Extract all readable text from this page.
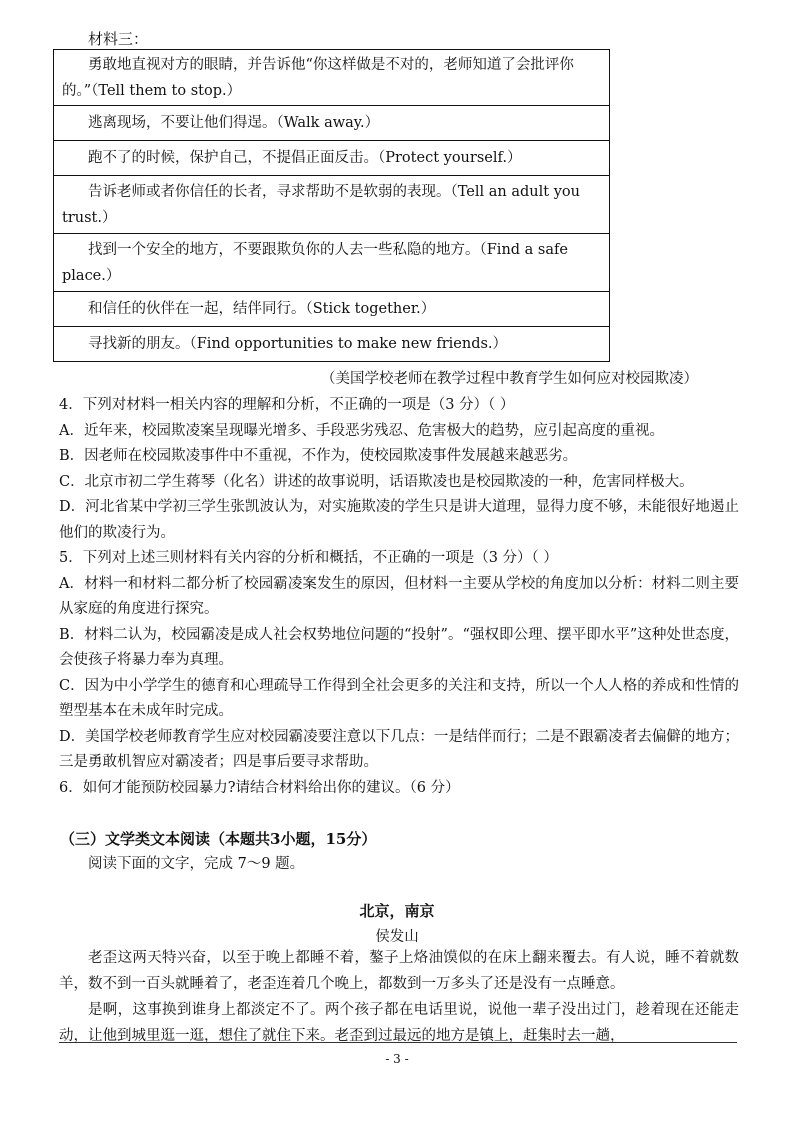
材料三：
勇敢地直视对方的眼睛，并告诉他“你这样做是不对的，老师知道了会批评你的。”（Tell them to stop.）
逃离现场，不要让他们得逞。（Walk away.）
跑不了的时候，保护自己，不提倡正面反击。（Protect yourself.）
告诉老师或者你信任的长者，寻求帮助不是软弱的表现。（Tell an adult you trust.）
找到一个安全的地方，不要跟欺负你的人去一些私隐的地方。（Find a safe place.）
和信任的伙伴在一起，结伴同行。（Stick together.）
寻找新的朋友。（Find opportunities to make new friends.）
（美国学校老师在教学过程中教育学生如何应对校园欺凌）

4．下列对材料一相关内容的理解和分析，不正确的一项是（3 分）（ ）

A．近年来，校园欺凌案呈现曝光增多、手段恶劣残忍、危害极大的趋势，应引起高度的重视。

B．因老师在校园欺凌事件中不重视，不作为，使校园欺凌事件发展越来越恶劣。

C．北京市初二学生蒋琴（化名）讲述的故事说明，话语欺凌也是校园欺凌的一种，危害同样极大。

D．河北省某中学初三学生张凯波认为，对实施欺凌的学生只是讲大道理，显得力度不够，未能很好地遏止他们的欺凌行为。

5．下列对上述三则材料有关内容的分析和概括，不正确的一项是（3 分）（ ）

A．材料一和材料二都分析了校园霸凌案发生的原因，但材料一主要从学校的角度加以分析：材料二则主要从家庭的角度进行探究。

B．材料二认为，校园霸凌是成人社会权势地位问题的“投射”。“强权即公理、摆平即水平”这种处世态度，会使孩子将暴力奉为真理。

C．因为中小学学生的德育和心理疏导工作得到全社会更多的关注和支持，所以一个人人格的养成和性情的塑型基本在未成年时完成。

D．美国学校老师教育学生应对校园霸凌要注意以下几点：一是结伴而行；二是不跟霸凌者去偏僻的地方；三是勇敢机智应对霸凌者；四是事后要寻求帮助。

6．如何才能预防校园暴力?请结合材料给出你的建议。（6 分）

（三）文学类文本阅读（本题共3小题，15分）
阅读下面的文字，完成 7～9 题。
北京，南京
侯发山

老歪这两天特兴奋，以至于晚上都睡不着，鏊子上烙油馍似的在床上翻来覆去。有人说，睡不着就数羊，数不到一百头就睡着了，老歪连着几个晚上，都数到一万多头了还是没有一点睡意。

是啊，这事换到谁身上都淡定不了。两个孩子都在电话里说，说他一辈子没出过门，趁着现在还能走动，让他到城里逛一逛，想住了就住下来。老歪到过最远的地方是镇上，赶集时去一趟，

- 3 -
